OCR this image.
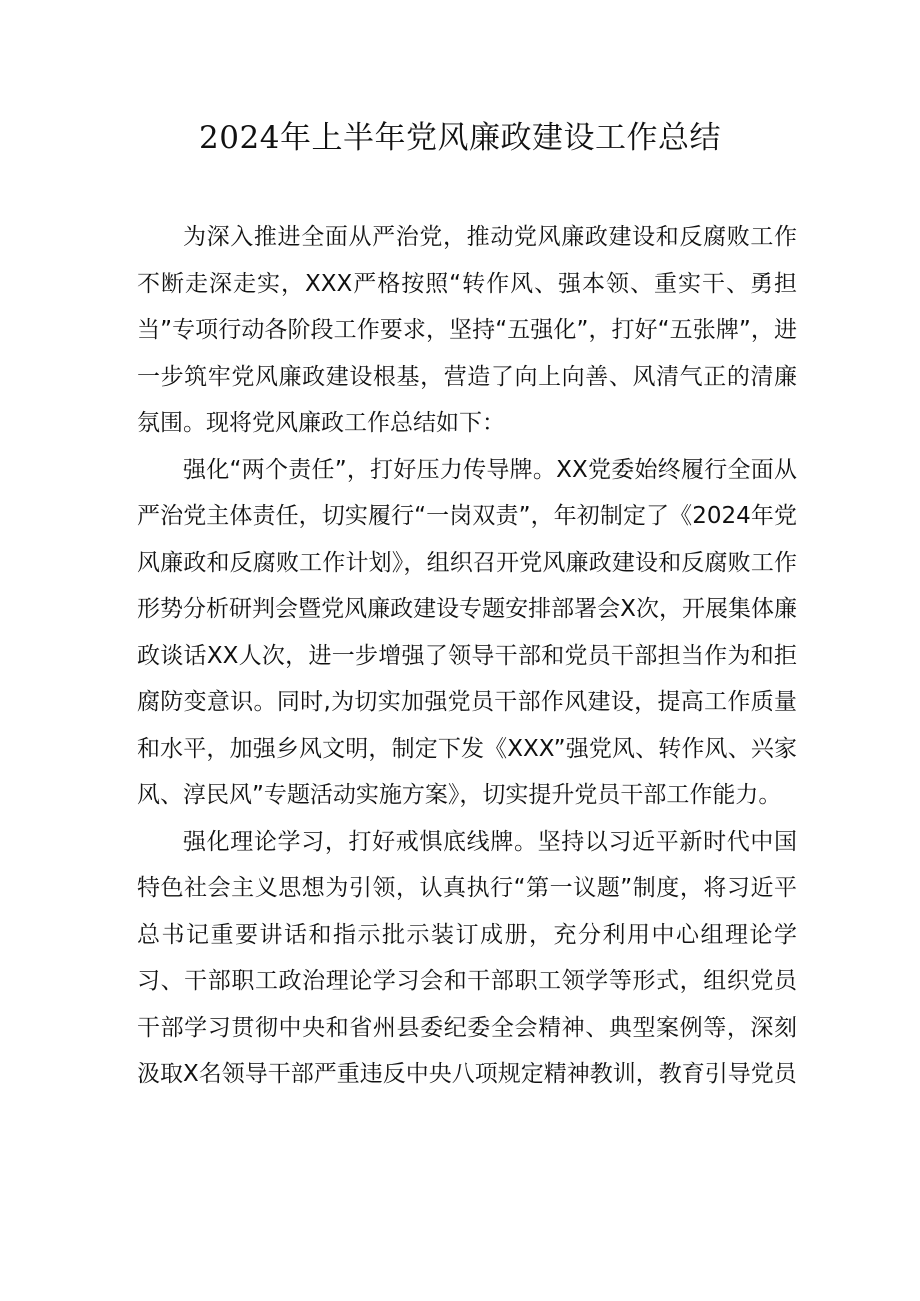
2024年上半年党风廉政建设工作总结

为深入推进全面从严治党，推动党风廉政建设和反腐败工作不断走深走实，XXX严格按照“转作风、强本领、重实干、勇担当”专项行动各阶段工作要求，坚持“五强化”，打好“五张牌”，进一步筑牢党风廉政建设根基，营造了向上向善、风清气正的清廉氛围。现将党风廉政工作总结如下：

强化“两个责任”，打好压力传导牌。XX党委始终履行全面从严治党主体责任，切实履行“一岗双责”，年初制定了《2024年党风廉政和反腐败工作计划》，组织召开党风廉政建设和反腐败工作形势分析研判会暨党风廉政建设专题安排部署会X次，开展集体廉政谈话XX人次，进一步增强了领导干部和党员干部担当作为和拒腐防变意识。同时,为切实加强党员干部作风建设，提高工作质量和水平，加强乡风文明，制定下发《XXX”强党风、转作风、兴家风、淳民风”专题活动实施方案》，切实提升党员干部工作能力。

强化理论学习，打好戒惧底线牌。坚持以习近平新时代中国特色社会主义思想为引领，认真执行“第一议题”制度，将习近平总书记重要讲话和指示批示装订成册，充分利用中心组理论学习、干部职工政治理论学习会和干部职工领学等形式，组织党员干部学习贯彻中央和省州县委纪委全会精神、典型案例等，深刻汲取X名领导干部严重违反中央八项规定精神教训，教育引导党员
